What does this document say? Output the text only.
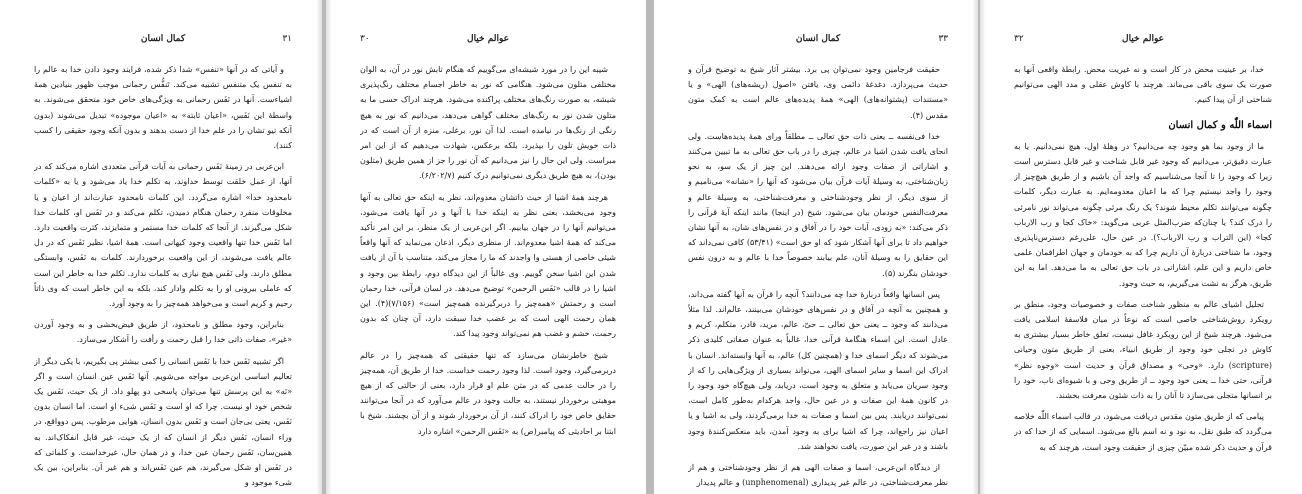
۳۱
کمال انسان

و آیاتی که در آنها «تنفس» شدا ذکر شده، فرایند وجود دادن خدا به عالم را به تنفس یک متنفس تشبیه می‌کند. تَنفُّس رحمانی موجب ظهور بنیادین همهٔ اشیاءست. آنها در نَفَس رحمانی به ویژگی‌های خاص خود متحقق می‌شوند. به واسطهٔ این نَفَس، «اعیان ثابته» به «اعیان موجوده» تبدیل می‌شوند (بدون آنکه تیو تشان را در علم خدا از دست بدهند و بدون آنکه وجود حقیقی را کسب کنند).

ابن‌عربی در زمینهٔ نَفَس رحمانی به آیات قرآنی متعددی اشاره می‌کند که در آنها، از عمل خلقت توسط خداوند، به تکلم خدا یاد می‌شود و یا به «کلمات نامحدود خدا» اشاره می‌گردد. این کلمات نامحدود عبارت‌اند از اعیان و یا مخلوقات منفرد رحمان هنگام دمیدن، تکلم می‌کند و در نَفَس او، کلمات خدا شکل می‌گیرند. از آنجا که کلمات خدا مستمر و متمایزند، کثرت واقعیت دارد. اما نَفَس خدا تنها واقعیت وجود کیهانی است. همهٔ اشیا، نظیر نَفَس که در دل عالم یافت می‌شوند، از این واقعیت برخوردارند. کلمات به نَفَس، وابستگی مطلق دارند. ولی نَفَس هیچ نیازی به کلمات ندارد. تکلم خدا به خاطر این است که عاملی بیرونی او را به تکلم وادار کند، بلکه به این خاطر است که وی ذاتاً رحیم و کریم است و می‌خواهد همه‌چیز را به وجود آورد.

بنابراین، وجود مطلق و نامحدود، از طریق فیض‌بخشی و به وجود آوردن «غیر»، صفات ذاتی خدا را قبل رحمت و رأفت را آشکار می‌سازد.

اگر تشبیه نَفَس خدا با نَفَس انسانی را کمی بیشتر پی بگیریم، با یکی دیگر از تعالیم اساسی ابن‌عربی مواجه می‌شویم. آنها نَفَس عین انسان است و اگر «نَه» به این پرسش تنها می‌توان پاسخی دو پهلو داد. از یک حیث، نَفَس یک شخص خود او نیست. چرا که او است و نَفَس شیء او است. اما انسان بدون نَفَس، یعنی بی‌جان است و نَفَس بدون انسان، هوایی مرطوب. پس دوواقع، در وراء انسان، نَفَس دیگر از انسان که از یک حیث، غیر قابل انفکاک‌اند. به همین‌سان، نَفَس رحمان عین خدا، و در همان حال، غیرخداست. و کلماتی که در نَفَس او شکل می‌گیرند، هم عین نَفَس‌اند و هم غیر آن. بنابراین، بین یک شیء موجود و

عوالم خیال
۳۰

شیبه این را در مورد شیشه‌ای می‌گوییم که هنگام تابش نور در آن، به الوان مختلفی متلون می‌شود. هنگامی که نور به خاطر اجسام مختلف رنگ‌پذیری شیشه، به صورت رنگ‌های مختلف پراکنده می‌شود. هرچند ادراک حسی ما به متلون شدن نور به رنگ‌های مختلف گواهی می‌دهد، می‌دانیم که نور به هیچ رنگی از رنگ‌ها در نیامده است. لذا آن نور، برغلی، منزه از آن است که در ذات خویش تلون را بپذیرد. بلکه برعکس، شهادت می‌دهیم که از این امر مبراست. ولی این حال را نیز می‌دانیم که آن نور را جز از همین طریق (متلون بودن)، به هیچ طریق دیگری نمی‌توانیم درک کنیم (۶/۲۰۲/۷).

هرچند همهٔ اشیا از حیث ذاتشان معدوم‌اند، نظر به اینکه حق تعالی به آنها وجود می‌بخشد، بعنی نظر به اینکه خدا با آنها و در آنها یافت می‌شود، می‌توانیم آنها را در جهان بیابیم. اگر ابن‌عربی از یک منظر، بر این امر تأکید می‌کند که همهٔ اشیا معدوم‌اند. از منظری دیگر، اذعان می‌نماید که آنها واقعاً شیئی خاصی از هستی وا واجدند که ما را مجاز می‌کند، متناسب با آن از یافت شدن این اشیا سخن گوییم. وی غالباً از این دیدگاه دوم، رابطهٔ بین وجود و اشیا را در قالب «نَفَس الرحمن» توضیح می‌دهد. در لسان قرآنی، خدا رحمان است و رحمتش «همه‌چیز را دربرگیرنده همه‌چیز است» (۷/۱۵۶)(۴). این همان رحمت الهی است که بر غضب خدا سبقت دارد، آن چنان که بدون رحمت، خشم و غضب هم نمی‌تواند وجود پیدا کند.

شیخ خاطرنشان می‌سازد که تنها حقیقتی که همه‌چیز را در عالم دربرمی‌گیرد، وجود است. لذا وجود رحمت خداست. خدا از طریق آن، همه‌چیز را در حالت عدمی که در متن علم او قرار دارد، بعنی از حالتی که از هیچ موهبتی برخوردار نیستند، به حالت وجود در عالم می‌آورد که در آنجا می‌توانند حقایق خاص خود را ادراک کنند، از آن برخوردار شوند و از آن بچشند. شیخ با ابتنا بر احادیثی که پیامبر(ص) به «نَفَس الرحمن» اشاره دارد

۳۳
کمال انسان

حقیقت فرجامین وجود نمی‌توان پی برد. بیشتر آثار شیخ به توضیح قرآن و حدیث می‌پردازد. دغدغهٔ دائمی وی، یافتن «اصول (ریشه‌های) الهی» و یا «مستندات (پشتوانه‌های) الهی» همهٔ پدیده‌های عالم است به کمک متون مقدس (۴).

خدا فی‌نفسه ــ یعنی ذات حق تعالی ــ مطلقاً ورای همهٔ پدیده‌هاست. ولی انحای یافت شدن اشیا در عالم، چیزی را در باب حق تعالی به ما تبیین می‌کنند و اشاراتی از صفات وجود ارائه می‌دهند. این چیز از یک سو، به نحو زبان‌شناختی، به وسیلهٔ آیات قرآن بیان می‌شود که آنها را «نشانه» می‌نامیم و از سوی دیگر، از نظر وجودشناختی و معرفت‌شناختی، به وسیلهٔ عالم و معرفت‌النفس خودمان بیان می‌شود. شیخ (در اینجا) مانند اینکه آیهٔ قرآنی را ذکر می‌کند: «به زودی، آیات خود را در آفاق و در نفس‌های شان، به آنها نشان خواهیم داد تا برای آنها آشکار شود که او حق است» (۵۳/۴۱) کافی نمی‌داند که این حقایق را به وسیلهٔ آنان، علم بیابند خصوصاً خدا با عالم و به درون نفس خودشان بنگرند (۵).

پس انسانها واقعاً دربارهٔ خدا چه می‌دانند؟ آنچه را قرآن به آنها گفته می‌داند، و همچنین به آنچه در آفاق و در نفس‌های خودشان می‌بینند، عالم‌اند. لذا مثلاً می‌دانند که وجود ــ یعنی حق تعالی ــ حیّ، عالم، مرید، قادر، متکلم، کریم و عادل است. این اسماء هنگامهٔ قرآنی خدا، غالباً به عنوان صفاتی کلیدی ذکر می‌شوند که دیگر اسمای خدا و (همچنین کل) عالم، به آنها وابسته‌اند. انسان با ادراک این اسما و سایر اسمای الهی، می‌تواند بسیاری از ویژگی‌هایی را که از وجود سریان می‌یابد و متعلق به وجود است، دریابد، ولی هیچ‌گاه خود وجود را در کانون همهٔ این صفات و در عین حال، واجد هرکدام به‌طور کامل است، نمی‌توانند دریابند. پس بین اسما و صفات به خدا برمی‌گردند، ولی به اشیا و یا اعیان نیز راجع‌اند، چرا که اشیا برای به وجود آمدن، باید منعکس‌کنندهٔ وجود باشند و در غیر این صورت، یافت نخواهند شد.

از دیدگاه ابن‌عربی، اسما و صفات الهی هم از نظر وجودشناختی و هم از نظر معرفت‌شناختی، در عالم غیر پدیداری (unphenomenal) و عالم پدیدار

عوالم خیال
۳۲

خدا، بر عینیت محض در کار است و نه غیریت محض. رابطهٔ واقعی آنها به صورت یک سوی باقی می‌ماند. هرچند با کاوش عقلی و مدد الهی می‌توانیم شناختی از آن پیدا کنیم.

اسماء اللّٰه و کمال انسان

ما از وجود بما هو وجود چه می‌دانیم؟ در وهلهٔ اول، هیچ نمی‌دانیم. یا به عبارت دقیق‌تر، می‌دانیم که وجود غیر قابل شناخت و غیر قابل دسترس است زیرا که وجود را تا آنجا می‌شناسیم که واجد آن باشیم و از طریق هیچ‌چیز از وجود را واجد نیستیم چرا که ما اعیان معدومه‌ایم. به عبارت دیگر، کلمات چگونه می‌توانند تکلم محیط شوند؟ یک رنگ مرئی چگونه می‌تواند نور نامرئی را درک کند؟ یا چنان‌که ضرب‌المثل عربی می‌گوید: «خاک کجا و رب الارباب کجا» (این التراب و رب الارباب؟). در عین حال، علی‌رغم دسترس‌ناپذیری وجود، ما شناختی دربارهٔ آن داریم چرا که به خودمان و جهان اطرافمان علمی خاص داریم و این علم، اشاراتی در باب حق تعالی به ما می‌دهد. اما به این طریق، هرگز به نشت می‌گیریم، به حیث وجود.

تحلیل اشیای عالم به منظور شناخت صفات و خصوصیات وجود، منطق بر رویکرد روش‌شناختی خاصی است که نوعاً در میان فلاسفهٔ اسلامی یافت می‌شود. هرچند شیخ از این رویکرد غافل نیست، تعلق خاطر بسیار بیشتری به کاوش در تجلی خود وجود از طریق انبیاء، بعنی از طریق متون وحیانی (scripture) دارد. «وحی» و مصداق قرآن و حدیث است «وجوه نظر» قرآنی، حتی خدا ــ یعنی خود وجود ــ از طریق وحی و با شیوه‌ای ناب، خود را بر انسانها متجلی می‌سازد تا آنان را به ذات شئون معرفت بخشند.

پیامی که از طریق متون مقدس دریافت می‌شود، در قالب اسماء اللّٰه خلاصه می‌گردد که طبق نقل، به نود و نه اسم بالغ می‌شود. اسمایی که از خدا که در قرآن و حدیث ذکر شده مبیّن چیزی از حقیقت وجود است، هرچند که به
